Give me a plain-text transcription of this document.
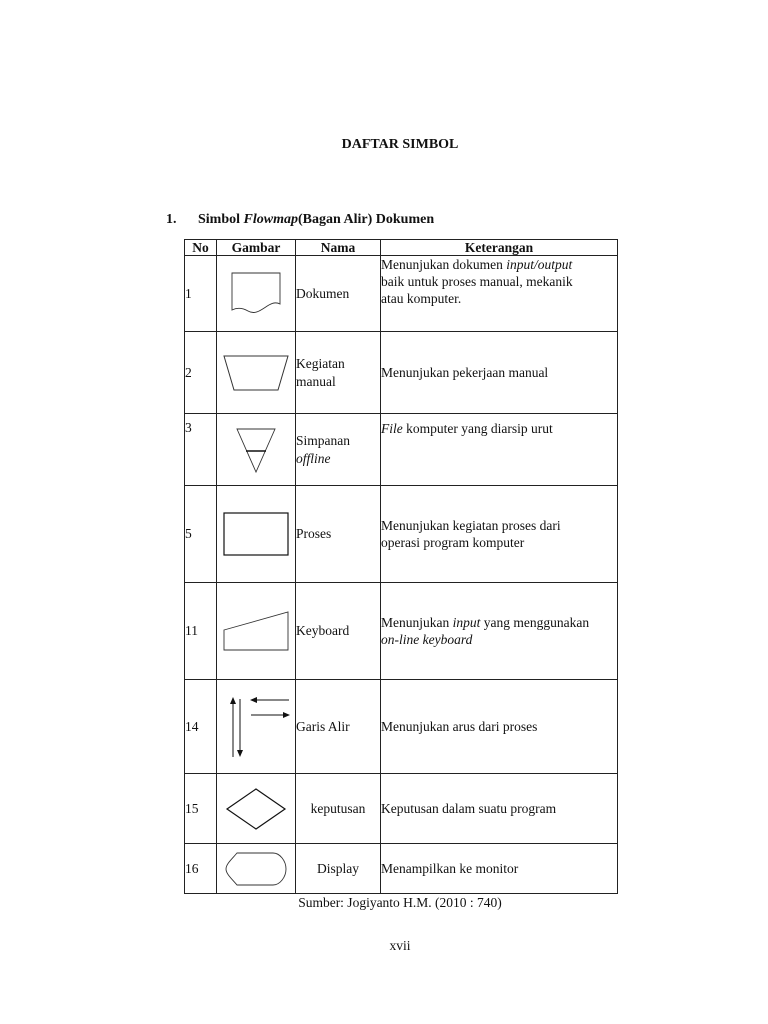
DAFTAR SIMBOL
1. Simbol Flowmap(Bagan Alir) Dokumen
No	Gambar	Nama	Keterangan
1		Dokumen	Menunjukan dokumen input/output
baik untuk proses manual, mekanik
atau komputer.
2		Kegiatan
manual	Menunjukan pekerjaan manual
3		Simpanan
offline	File komputer yang diarsip urut
5		Proses	Menunjukan kegiatan proses dari
operasi program komputer
11		Keyboard	Menunjukan input yang menggunakan
on-line keyboard
14		Garis Alir	Menunjukan arus dari proses
15		keputusan	Keputusan dalam suatu program
16		Display	Menampilkan ke monitor
Sumber: Jogiyanto H.M. (2010 : 740)
xvii
